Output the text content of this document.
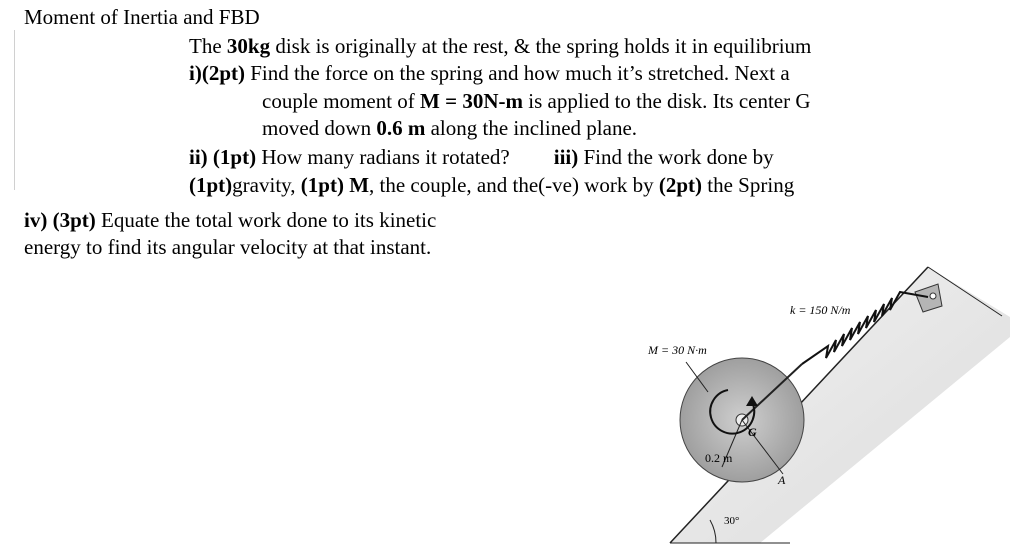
Moment of Inertia and FBD
The 30kg disk is originally at the rest, & the spring holds it in equilibrium
i)(2pt) Find the force on the spring and how much it’s stretched. Next a
couple moment of M = 30N-m is applied to the disk. Its center G
moved down 0.6 m along the inclined plane.
ii) (1pt) How many radians it rotated? iii) Find the work done by
(1pt)gravity, (1pt) M, the couple, and the(-ve) work by (2pt) the Spring
iv) (3pt) Equate the total work done to its kinetic
energy to find its angular velocity at that instant.
30°
k = 150 N/m
M = 30 N·m
G
0.2 m
A
